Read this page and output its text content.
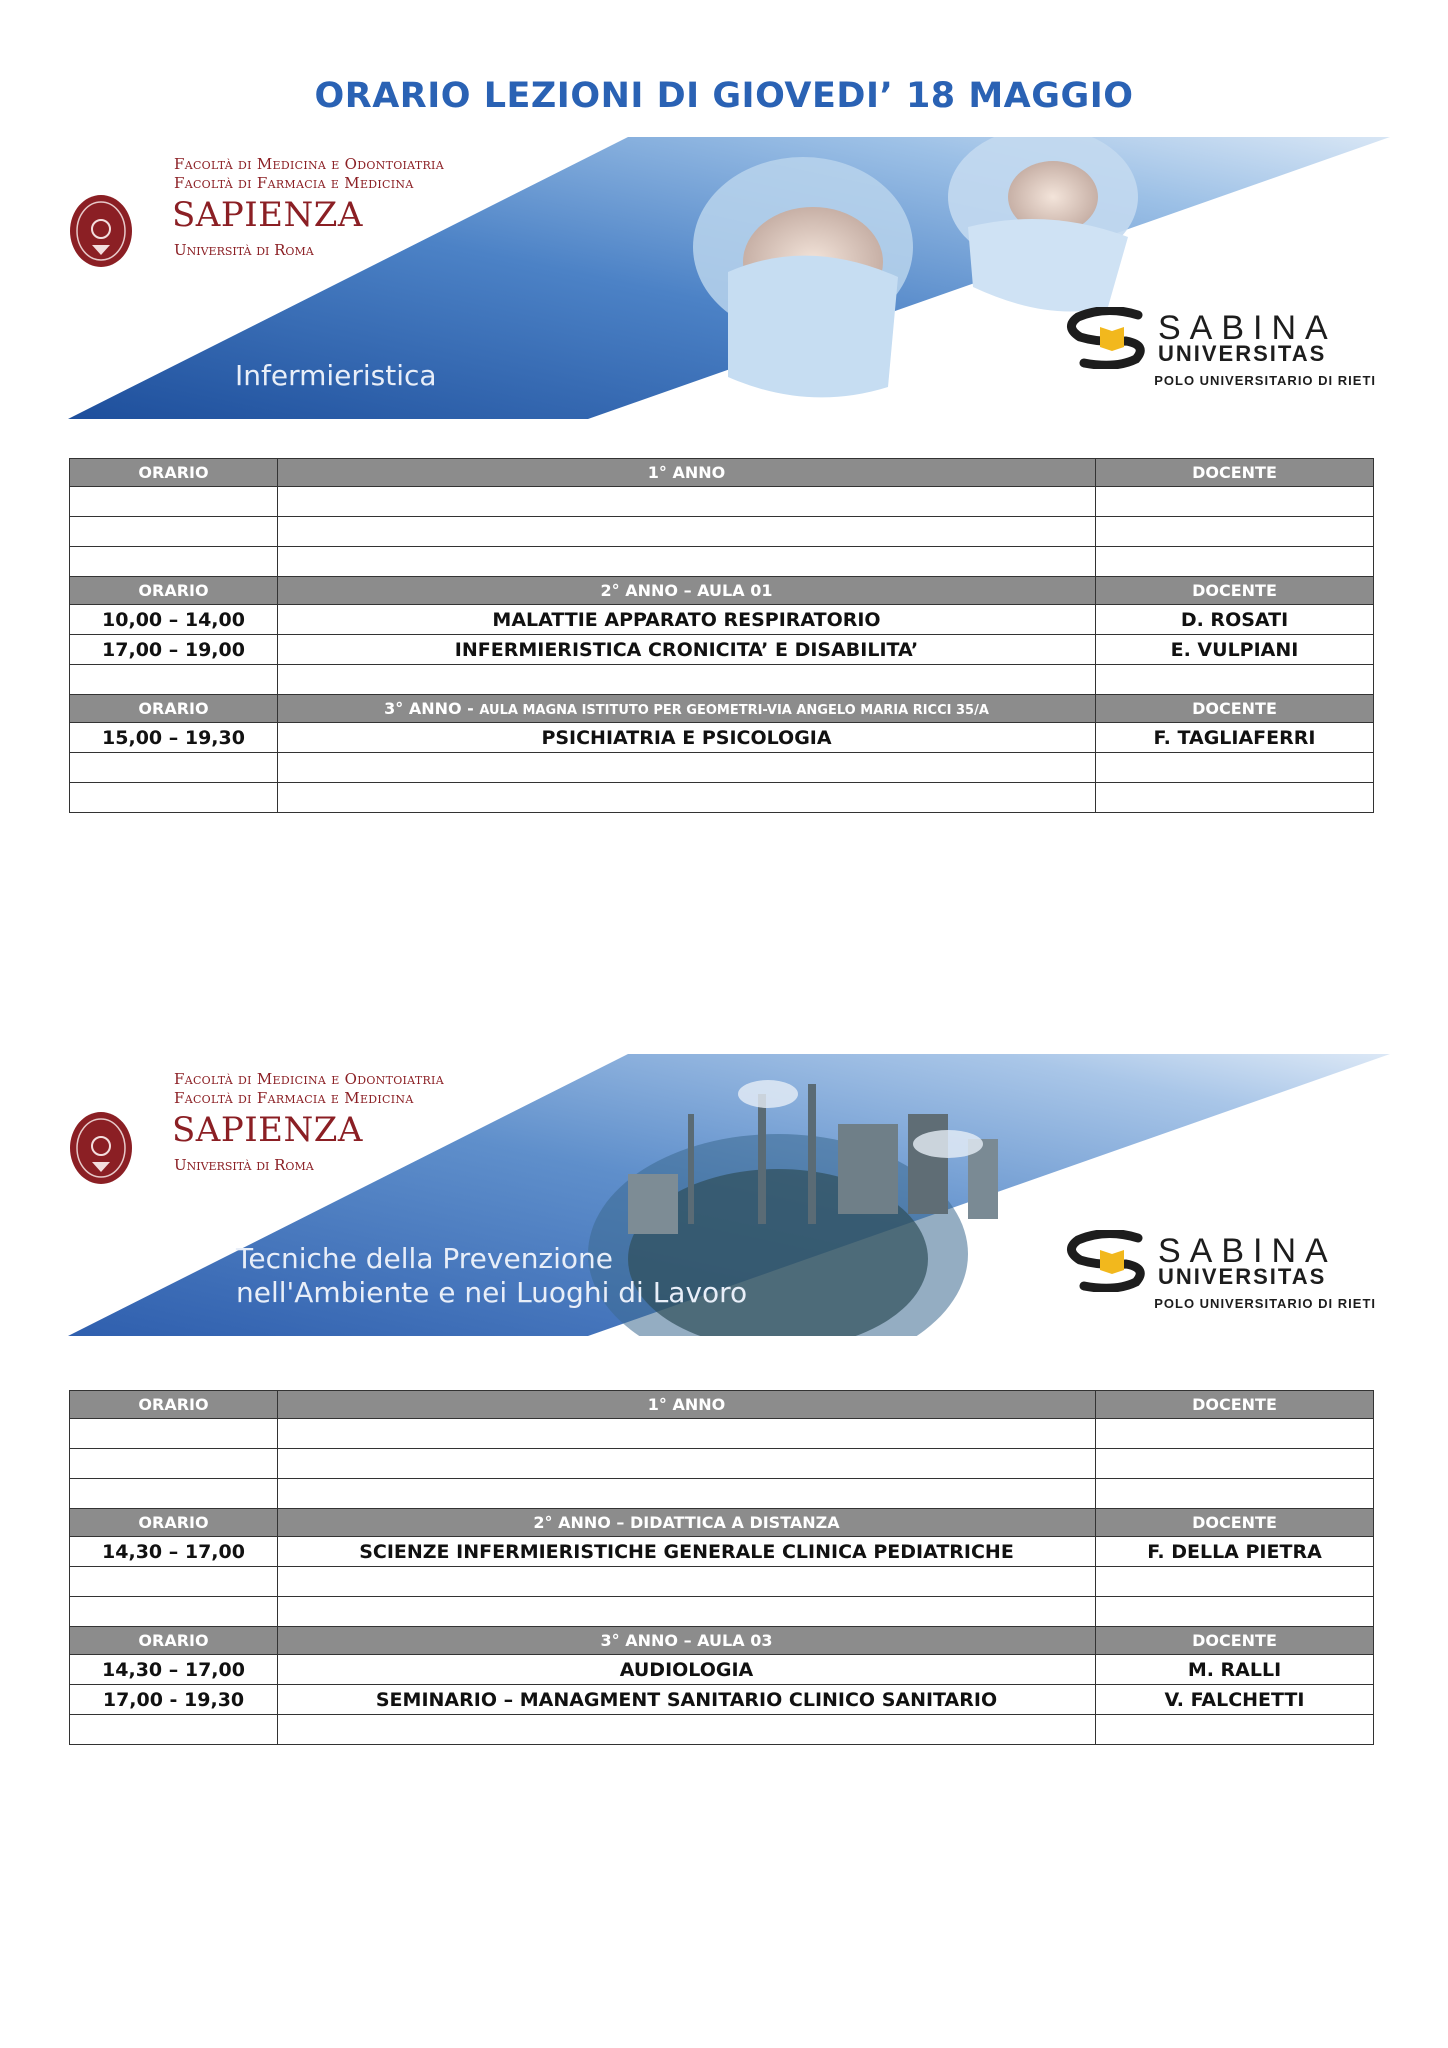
ORARIO LEZIONI DI GIOVEDI’ 18 MAGGIO
Facoltà di Medicina e Odontoiatria
Facoltà di Farmacia e Medicina
SAPIENZA
Università di Roma
Infermieristica
SABINA
UNIVERSITAS
POLO UNIVERSITARIO DI RIETI
ORARIO	1° ANNO	DOCENTE

ORARIO	2° ANNO – AULA 01	DOCENTE
10,00 – 14,00	MALATTIE APPARATO RESPIRATORIO	D. ROSATI
17,00 – 19,00	INFERMIERISTICA CRONICITA’ E DISABILITA’	E. VULPIANI

ORARIO	3° ANNO - AULA MAGNA ISTITUTO PER GEOMETRI-VIA ANGELO MARIA RICCI 35/A	DOCENTE
15,00 – 19,30	PSICHIATRIA E PSICOLOGIA	F. TAGLIAFERRI

Facoltà di Medicina e Odontoiatria
Facoltà di Farmacia e Medicina
SAPIENZA
Università di Roma
Tecniche della Prevenzione
nell'Ambiente e nei Luoghi di Lavoro
SABINA
UNIVERSITAS
POLO UNIVERSITARIO DI RIETI
ORARIO	1° ANNO	DOCENTE

ORARIO	2° ANNO – DIDATTICA A DISTANZA	DOCENTE
14,30 – 17,00	SCIENZE INFERMIERISTICHE GENERALE CLINICA PEDIATRICHE	F. DELLA PIETRA

ORARIO	3° ANNO – AULA 03	DOCENTE
14,30 – 17,00	AUDIOLOGIA	M. RALLI
17,00 - 19,30	SEMINARIO – MANAGMENT SANITARIO CLINICO SANITARIO	V. FALCHETTI
